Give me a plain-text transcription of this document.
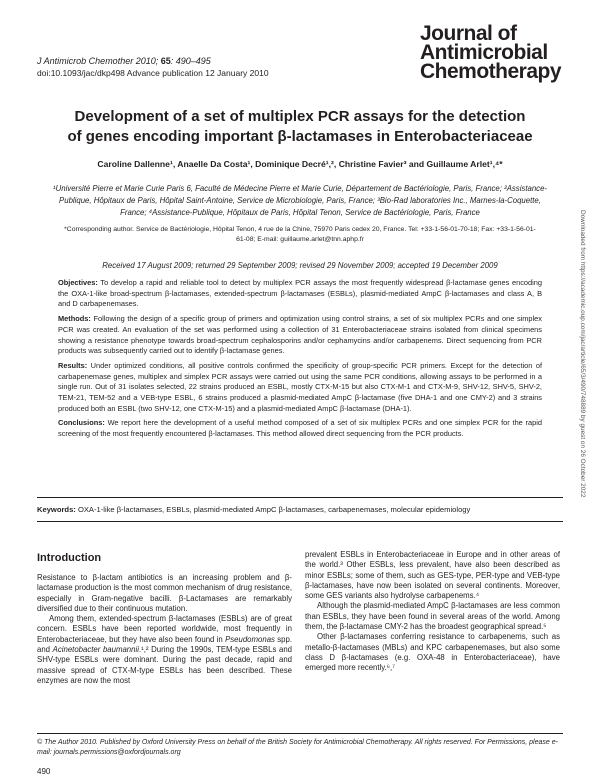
J Antimicrob Chemother 2010; 65: 490–495
doi:10.1093/jac/dkp498 Advance publication 12 January 2010
Journal of
Antimicrobial
Chemotherapy
Development of a set of multiplex PCR assays for the detection
of genes encoding important β-lactamases in Enterobacteriaceae
Caroline Dallenne¹, Anaelle Da Costa¹, Dominique Decré¹,², Christine Favier³ and Guillaume Arlet¹,⁴*
¹Université Pierre et Marie Curie Paris 6, Faculté de Médecine Pierre et Marie Curie, Département de Bactériologie, Paris, France; ²Assistance-Publique, Hôpitaux de Paris, Hôpital Saint-Antoine, Service de Microbiologie, Paris, France; ³Bio-Rad laboratories Inc., Marnes-la-Coquette, France; ⁴Assistance-Publique, Hôpitaux de Paris, Hôpital Tenon, Service de Bactériologie, Paris, France
*Corresponding author. Service de Bactériologie, Hôpital Tenon, 4 rue de la Chine, 75970 Paris cedex 20, France. Tel: +33-1-56-01-70-18; Fax: +33-1-56-01-61-08; E-mail: guillaume.arlet@tnn.aphp.fr
Received 17 August 2009; returned 29 September 2009; revised 29 November 2009; accepted 19 December 2009

Objectives: To develop a rapid and reliable tool to detect by multiplex PCR assays the most frequently widespread β-lactamase genes encoding the OXA-1-like broad-spectrum β-lactamases, extended-spectrum β-lactamases (ESBLs), plasmid-mediated AmpC β-lactamases and class A, B and D carbapenemases.

Methods: Following the design of a specific group of primers and optimization using control strains, a set of six multiplex PCRs and one simplex PCR was created. An evaluation of the set was performed using a collection of 31 Enterobacteriaceae strains isolated from clinical specimens showing a resistance phenotype towards broad-spectrum cephalosporins and/or cephamycins and/or carbapenems. Direct sequencing from PCR products was subsequently carried out to identify β-lactamase genes.

Results: Under optimized conditions, all positive controls confirmed the specificity of group-specific PCR primers. Except for the detection of carbapenemase genes, multiplex and simplex PCR assays were carried out using the same PCR conditions, allowing assays to be performed in a single run. Out of 31 isolates selected, 22 strains produced an ESBL, mostly CTX-M-15 but also CTX-M-1 and CTX-M-9, SHV-12, SHV-5, SHV-2, TEM-21, TEM-52 and a VEB-type ESBL, 6 strains produced a plasmid-mediated AmpC β-lactamase (five DHA-1 and one CMY-2) and 3 strains produced both an ESBL (two SHV-12, one CTX-M-15) and a plasmid-mediated AmpC β-lactamase (DHA-1).

Conclusions: We report here the development of a useful method composed of a set of six multiplex PCRs and one simplex PCR for the rapid screening of the most frequently encountered β-lactamases. This method allowed direct sequencing from the PCR products.

Keywords: OXA-1-like β-lactamases, ESBLs, plasmid-mediated AmpC β-lactamases, carbapenemases, molecular epidemiology
Introduction

Resistance to β-lactam antibiotics is an increasing problem and β-lactamase production is the most common mechanism of drug resistance, especially in Gram-negative bacilli. β-Lactamases are remarkably diversified due to their continuous mutation.

Among them, extended-spectrum β-lactamases (ESBLs) are of great concern. ESBLs have been reported worldwide, most frequently in Enterobacteriaceae, but they have also been found in Pseudomonas spp. and Acinetobacter baumannii.¹,² During the 1990s, TEM-type ESBLs and SHV-type ESBLs were dominant. During the past decade, rapid and massive spread of CTX-M-type ESBLs has been described. These enzymes are now the most

prevalent ESBLs in Enterobacteriaceae in Europe and in other areas of the world.³ Other ESBLs, less prevalent, have also been described as minor ESBLs; some of them, such as GES-type, PER-type and VEB-type β-lactamases, have now been isolated on several continents. Moreover, some GES variants also hydrolyse carbapenems.⁴

Although the plasmid-mediated AmpC β-lactamases are less common than ESBLs, they have been found in several areas of the world. Among them, the β-lactamase CMY-2 has the broadest geographical spread.⁵

Other β-lactamases conferring resistance to carbapenems, such as metallo-β-lactamases (MBLs) and KPC carbapenemases, but also some class D β-lactamases (e.g. OXA-48 in Enterobacteriaceae), have emerged more recently.⁶,⁷

© The Author 2010. Published by Oxford University Press on behalf of the British Society for Antimicrobial Chemotherapy. All rights reserved. For Permissions, please e-mail: journals.permissions@oxfordjournals.org
490
Downloaded from https://academic.oup.com/jac/article/65/3/490/748889 by guest on 26 October 2022
